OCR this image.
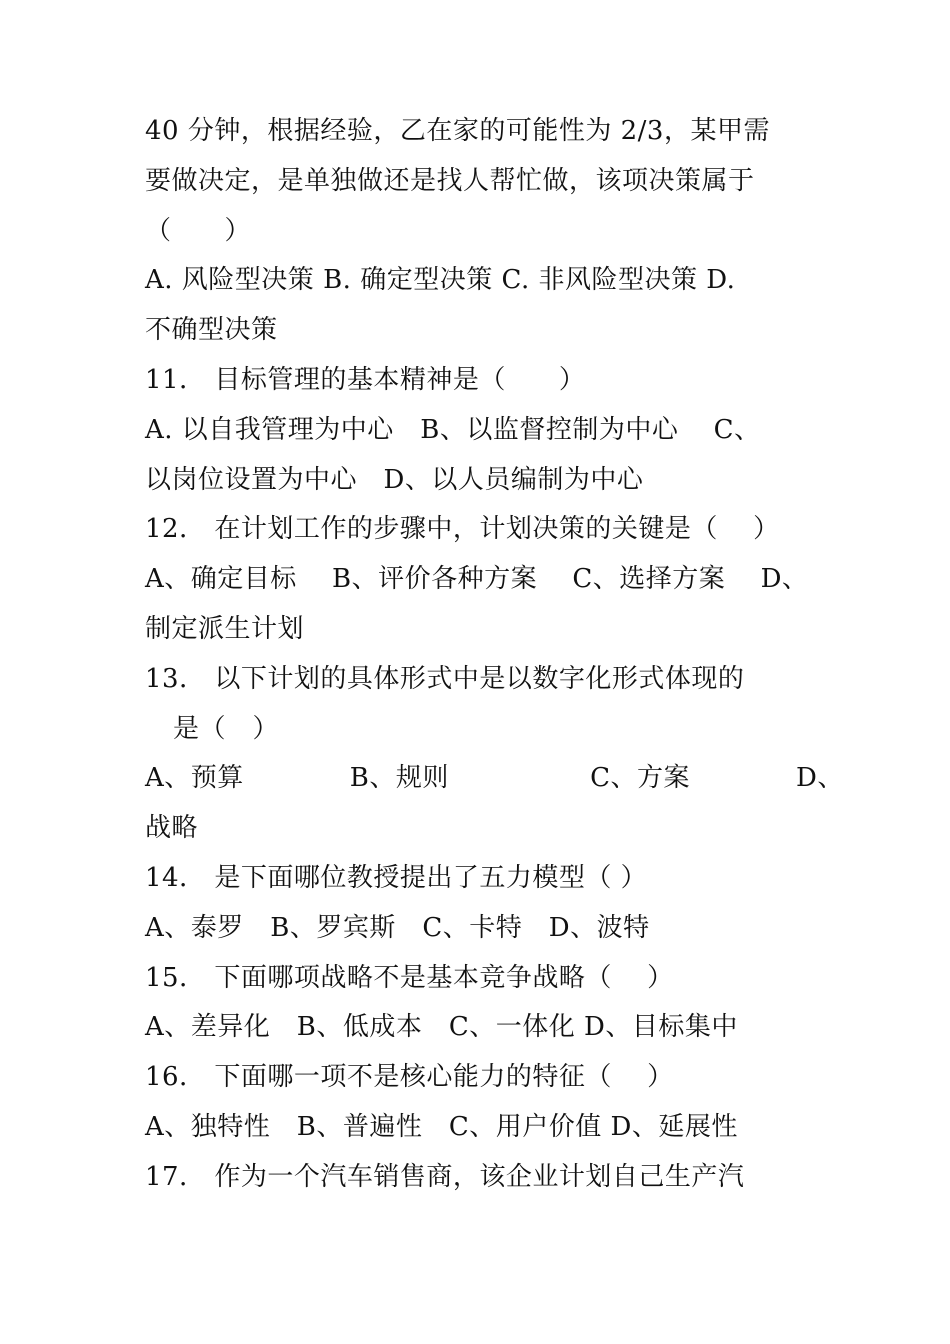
40 分钟，根据经验，乙在家的可能性为 2/3，某甲需
要做决定，是单独做还是找人帮忙做，该项决策属于
（　　）
A. 风险型决策 B. 确定型决策 C. 非风险型决策 D.
不确型决策
11． 目标管理的基本精神是（　　）
A. 以自我管理为中心　B、以监督控制为中心　 C、
以岗位设置为中心　D、以人员编制为中心
12． 在计划工作的步骤中，计划决策的关键是（　 ）
A、确定目标　 B、评价各种方案　 C、选择方案　 D、
制定派生计划
13． 以下计划的具体形式中是以数字化形式体现的
是（　）
A、预算　　　　B、规则　　　　　 C、方案　　　　D、
战略
14． 是下面哪位教授提出了五力模型（ ）
A、泰罗　B、罗宾斯　C、卡特　D、波特
15． 下面哪项战略不是基本竞争战略（　 ）
A、差异化　B、低成本　C、一体化 D、目标集中
16． 下面哪一项不是核心能力的特征（　 ）
A、独特性　B、普遍性　C、用户价值 D、延展性
17． 作为一个汽车销售商，该企业计划自己生产汽
